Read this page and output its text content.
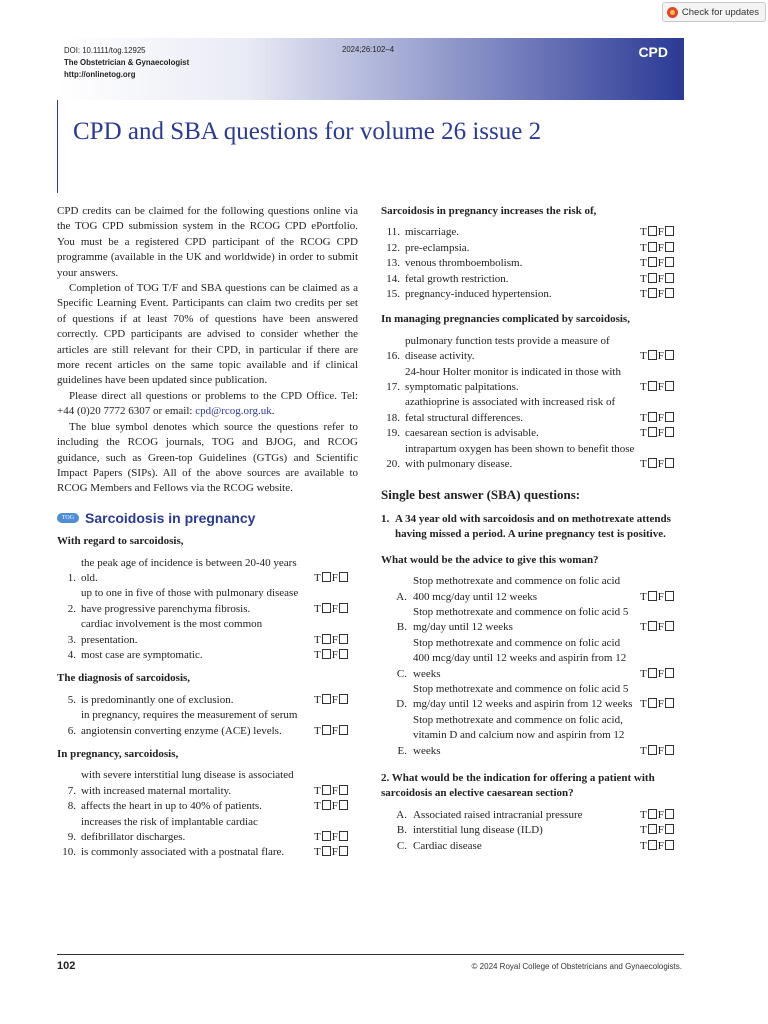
Check for updates
DOI: 10.1111/tog.12925
The Obstetrician & Gynaecologist
http://onlinetog.org
2024;26:102–4	CPD
CPD and SBA questions for volume 26 issue 2

CPD credits can be claimed for the following questions online via the TOG CPD submission system in the RCOG CPD ePortfolio. You must be a registered CPD participant of the RCOG CPD programme (available in the UK and worldwide) in order to submit your answers.

Completion of TOG T/F and SBA questions can be claimed as a Specific Learning Event. Participants can claim two credits per set of questions if at least 70% of questions have been answered correctly. CPD participants are advised to consider whether the articles are still relevant for their CPD, in particular if there are more recent articles on the same topic available and if clinical guidelines have been updated since publication.

Please direct all questions or problems to the CPD Office. Tel: +44 (0)20 7772 6307 or email: cpd@rcog.org.uk.

The blue symbol denotes which source the questions refer to including the RCOG journals, TOG and BJOG, and RCOG guidance, such as Green-top Guidelines (GTGs) and Scientific Impact Papers (SIPs). All of the above sources are available to RCOG Members and Fellows via the RCOG website.

TOG Sarcoidosis in pregnancy
With regard to sarcoidosis,
1.
the peak age of incidence is between 20-40 years old.	T F
2.
up to one in five of those with pulmonary disease have progressive parenchyma fibrosis.	T F
3.
cardiac involvement is the most common presentation.	T F
4. most case are symptomatic.	T F
The diagnosis of sarcoidosis,
5. is predominantly one of exclusion.	T F
6.
in pregnancy, requires the measurement of serum angiotensin converting enzyme (ACE) levels.	T F
In pregnancy, sarcoidosis,
7.
with severe interstitial lung disease is associated with increased maternal mortality.	T F
8. affects the heart in up to 40% of patients.	T F
9.
increases the risk of implantable cardiac defibrillator discharges.	T F
10. is commonly associated with a postnatal flare.	T F
Sarcoidosis in pregnancy increases the risk of,
11. miscarriage.	T F
12. pre-eclampsia.	T F
13. venous thromboembolism.	T F
14. fetal growth restriction.	T F
15. pregnancy-induced hypertension.	T F
In managing pregnancies complicated by sarcoidosis,
16.
pulmonary function tests provide a measure of disease activity.	T F
17.
24-hour Holter monitor is indicated in those with symptomatic palpitations.	T F
18.
azathioprine is associated with increased risk of fetal structural differences.	T F
19. caesarean section is advisable.	T F
20.
intrapartum oxygen has been shown to benefit those with pulmonary disease.	T F
Single best answer (SBA) questions:
1. A 34 year old with sarcoidosis and on methotrexate attends having missed a period. A urine pregnancy test is positive.
What would be the advice to give this woman?
A.
Stop methotrexate and commence on folic acid 400 mcg/day until 12 weeks	T F
B.
Stop methotrexate and commence on folic acid 5 mg/day until 12 weeks	T F
C.
Stop methotrexate and commence on folic acid 400 mcg/day until 12 weeks and aspirin from 12 weeks	T F
D.
Stop methotrexate and commence on folic acid 5 mg/day until 12 weeks and aspirin from 12 weeks T F
E.
Stop methotrexate and commence on folic acid, vitamin D and calcium now and aspirin from 12 weeks	T F
2. What would be the indication for offering a patient with sarcoidosis an elective caesarean section?
A. Associated raised intracranial pressure	T F
B. interstitial lung disease (ILD)	T F
C. Cardiac disease	T F
102	© 2024 Royal College of Obstetricians and Gynaecologists.
